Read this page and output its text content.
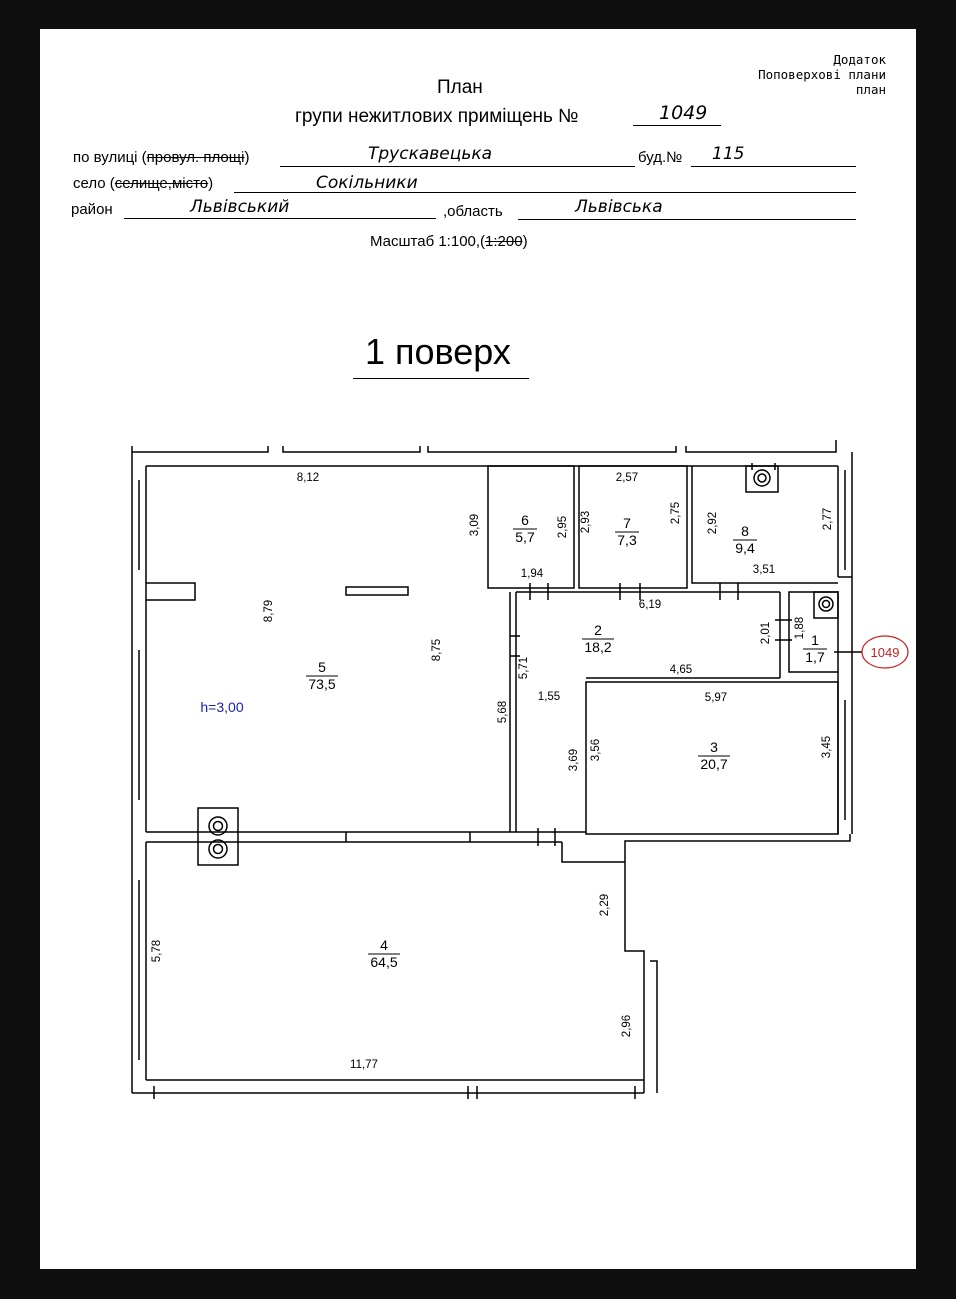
Додаток
Поповерхові плани
план
План
групи нежитлових приміщень №	1049
по вулиці (провул. площі)	Трускавецька	буд.№ 115
село (селище,місто)	Сокільники
район	Львівський	,область	Львівська
Масштаб 1:100,(1:200)
1 поверх
1
1,7
2
18,2
3
20,7
4
64,5
5
73,5
6
5,7
7
7,3
8
9,4
8,12
3,09
8,79
8,75
5,68
5,71
1,55
2,95
1,94
2,57
2,93	2,75 2,92	2,77
3,51
6,19
2,01 1,88
4,65
5,97
3,69 3,56	3,45
2,29
2,96
5,78
11,77
h=3,00
1049
